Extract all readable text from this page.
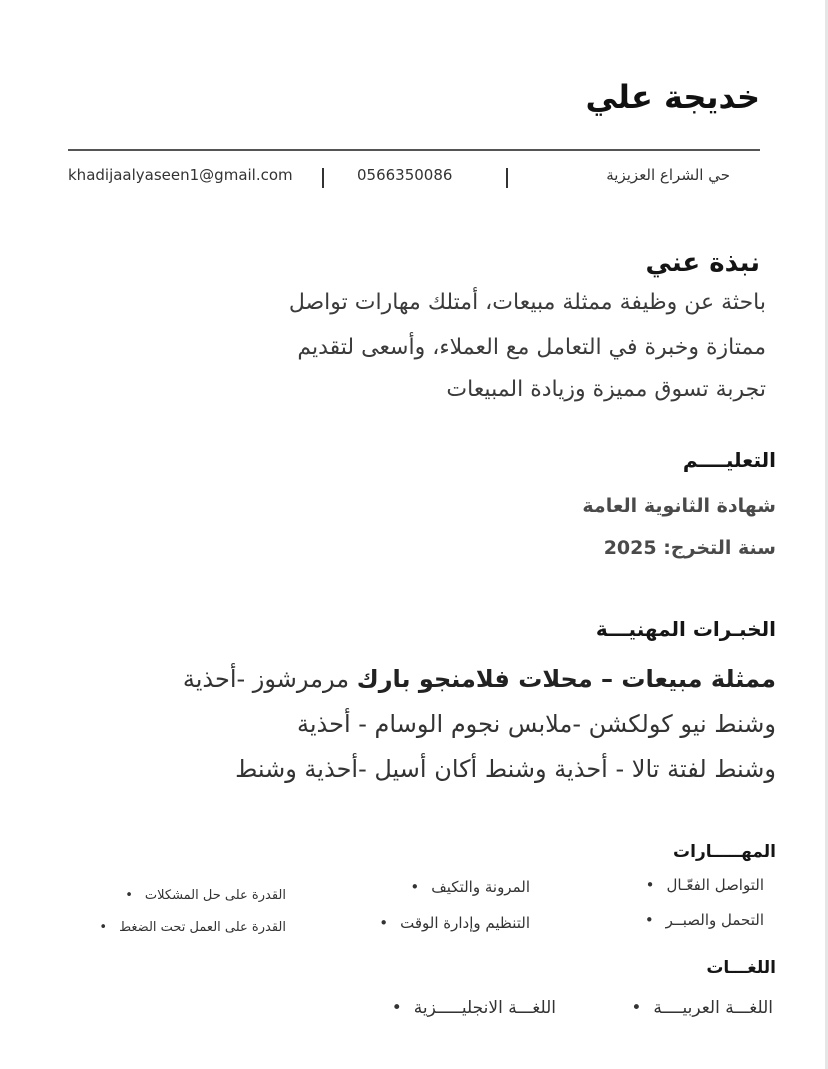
خديجة علي
حي الشراع العزيزية
0566350086
khadijaalyaseen1@gmail.com
نبذة عني
باحثة عن وظيفة ممثلة مبيعات، أمتلك مهارات تواصل
ممتازة وخبرة في التعامل مع العملاء، وأسعى لتقديم
تجربة تسوق مميزة وزيادة المبيعات
التعليــــم
شهادة الثانوية العامة
سنة التخرج: 2025
الخبـرات المهنيـــة
ممثلة مبيعات – محلات فلامنجو بارك مرمرشوز -أحذية
وشنط نيو كولكشن -ملابس نجوم الوسام - أحذية
وشنط لفتة تالا - أحذية وشنط أكان أسيل -أحذية وشنط
المهـــــارات
التواصل الفعّـال •
التحمل والصبــر •
المرونة والتكيف •
التنظيم وإدارة الوقت •
القدرة على حل المشكلات •
القدرة على العمل تحت الضغط •
اللغـــات
اللغـــة العربيــــة •
اللغـــة الانجليـــــزية •
